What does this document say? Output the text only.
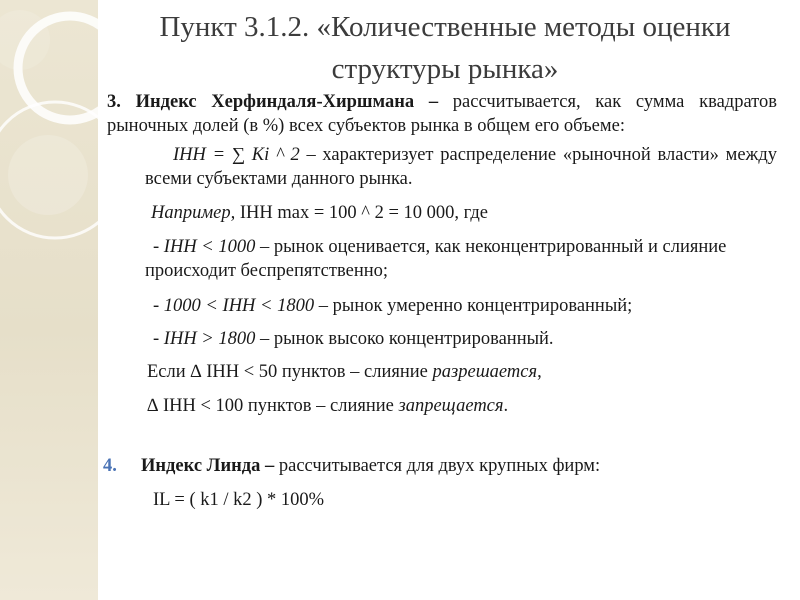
Пункт 3.1.2. «Количественные методы оценки
структуры рынка»

3. Индекс Херфиндаля-Хиршмана – рассчитывается, как сумма квадратов рыночных долей (в %) всех субъектов рынка в общем его объеме:

IHH = ∑ Ki ^ 2 – характеризует распределение «рыночной власти» между всеми субъектами данного рынка.

Например, IHH max = 100 ^ 2 = 10 000, где

- IHH < 1000 – рынок оценивается, как неконцентрированный и слияние происходит беспрепятственно;

- 1000 < IHH < 1800 – рынок умеренно концентрированный;

- IHH > 1800 – рынок высоко концентрированный.

Если ∆ IHH < 50 пунктов – слияние разрешается,

∆ IHH < 100 пунктов – слияние запрещается.

4.	Индекс Линда – рассчитывается для двух крупных фирм:

IL = ( k1 / k2 ) * 100%
